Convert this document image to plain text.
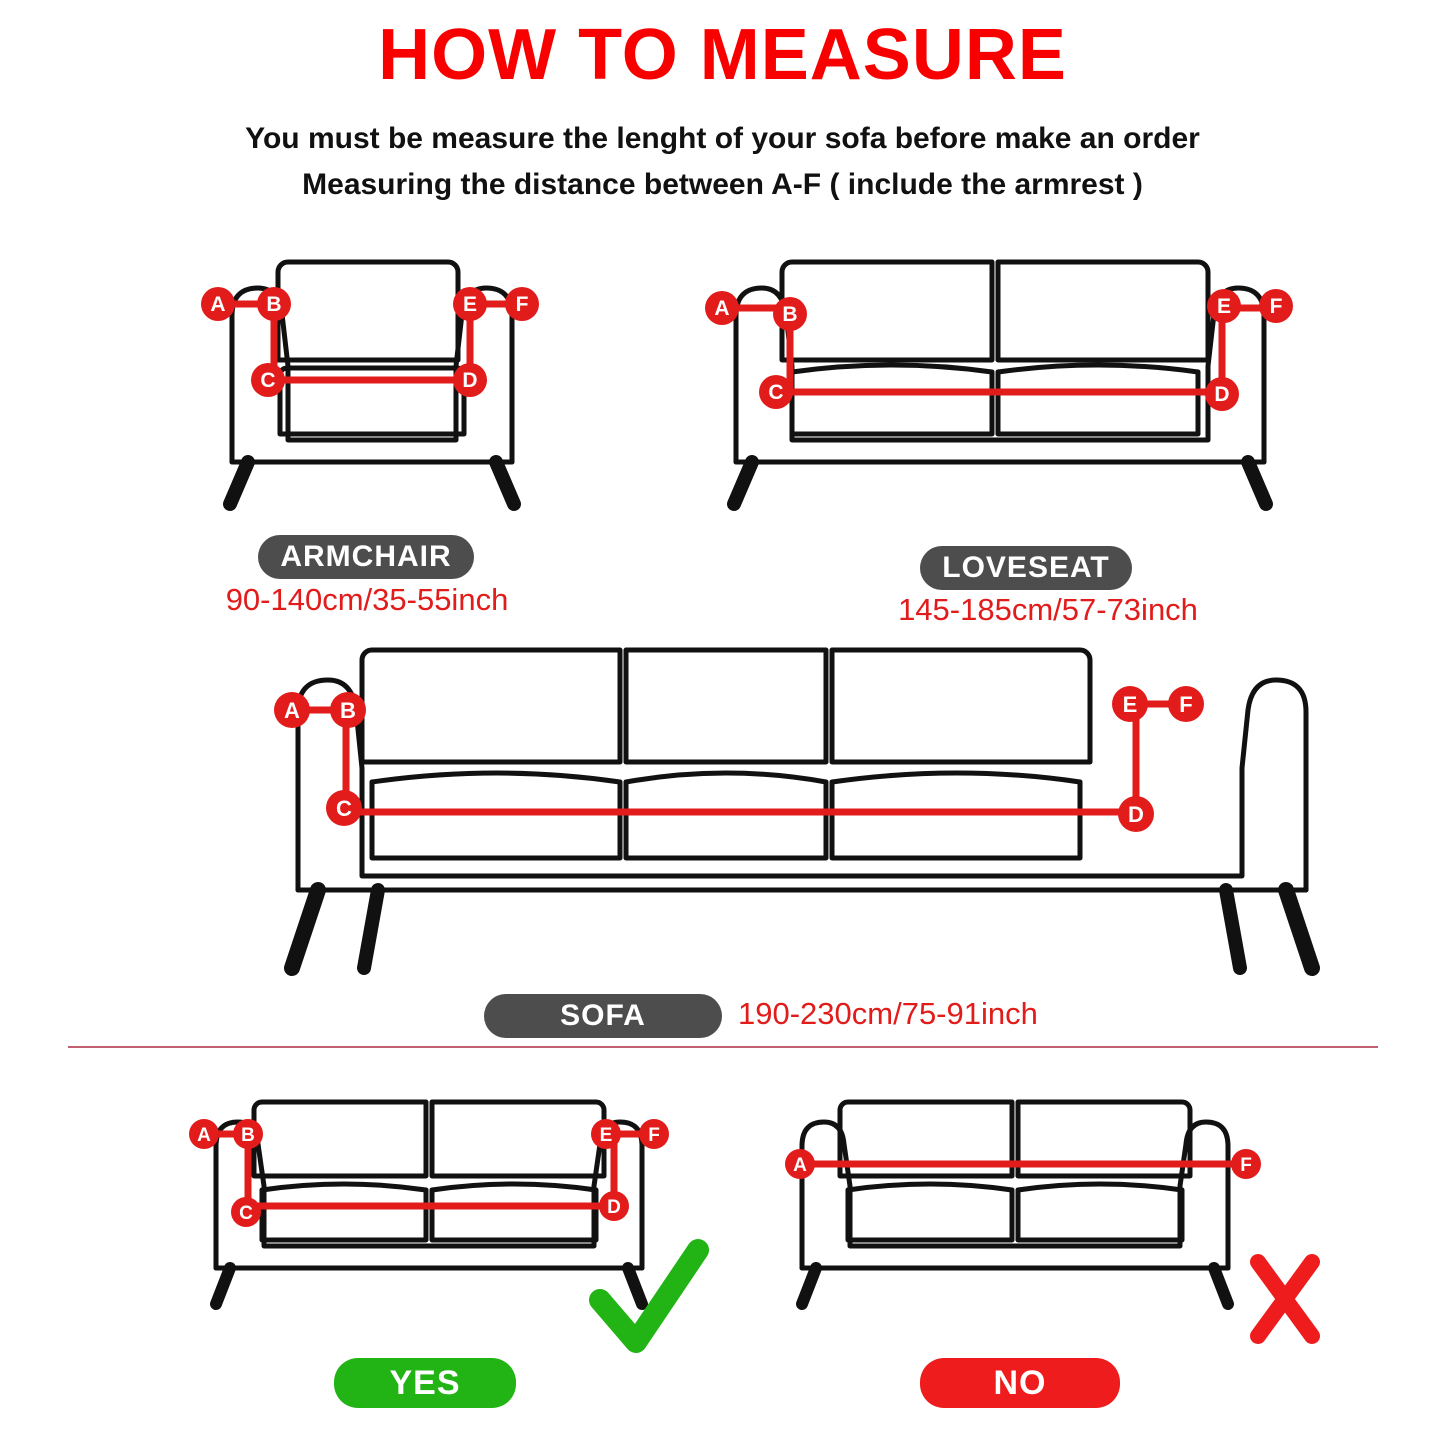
HOW TO MEASURE
You must be measure the lenght of your sofa before make an order
Measuring the distance between A-F ( include the armrest )
A B
C	D
E F	A	B
C	D
E F
A B
C	D
E F
A B
C	D
E F
A	F
ARMCHAIR
90-140cm/35-55inch
LOVESEAT
145-185cm/57-73inch
SOFA	190-230cm/75-91inch
YES	NO
